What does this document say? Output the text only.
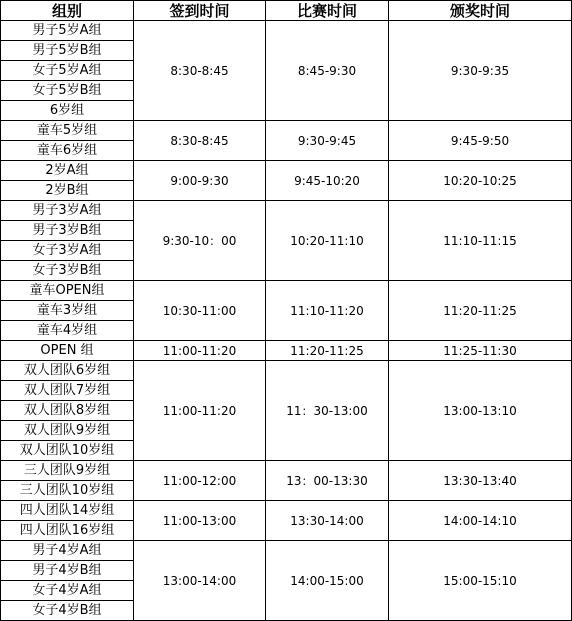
组别	签到时间	比赛时间	颁奖时间
男子5岁A组	8:30-8:45	8:45-9:30	9:30-9:35
男子5岁B组			
女子5岁A组			
女子5岁B组			
6岁组			
童车5岁组	8:30-8:45	9:30-9:45	9:45-9:50
童车6岁组			
2岁A组	9:00-9:30	9:45-10:20	10:20-10:25
2岁B组			
男子3岁A组	9:30-10：00	10:20-11:10	11:10-11:15
男子3岁B组			
女子3岁A组			
女子3岁B组			
童车OPEN组	10:30-11:00	11:10-11:20	11:20-11:25
童车3岁组			
童车4岁组			
OPEN 组	11:00-11:20	11:20-11:25	11:25-11:30
双人团队6岁组	11:00-11:20	11：30-13:00	13:00-13:10
双人团队7岁组			
双人团队8岁组			
双人团队9岁组			
双人团队10岁组			
三人团队9岁组	11:00-12:00	13：00-13:30	13:30-13:40
三人团队10岁组			
四人团队14岁组	11:00-13:00	13:30-14:00	14:00-14:10
四人团队16岁组			
男子4岁A组	13:00-14:00	14:00-15:00	15:00-15:10
男子4岁B组			
女子4岁A组			
女子4岁B组			
